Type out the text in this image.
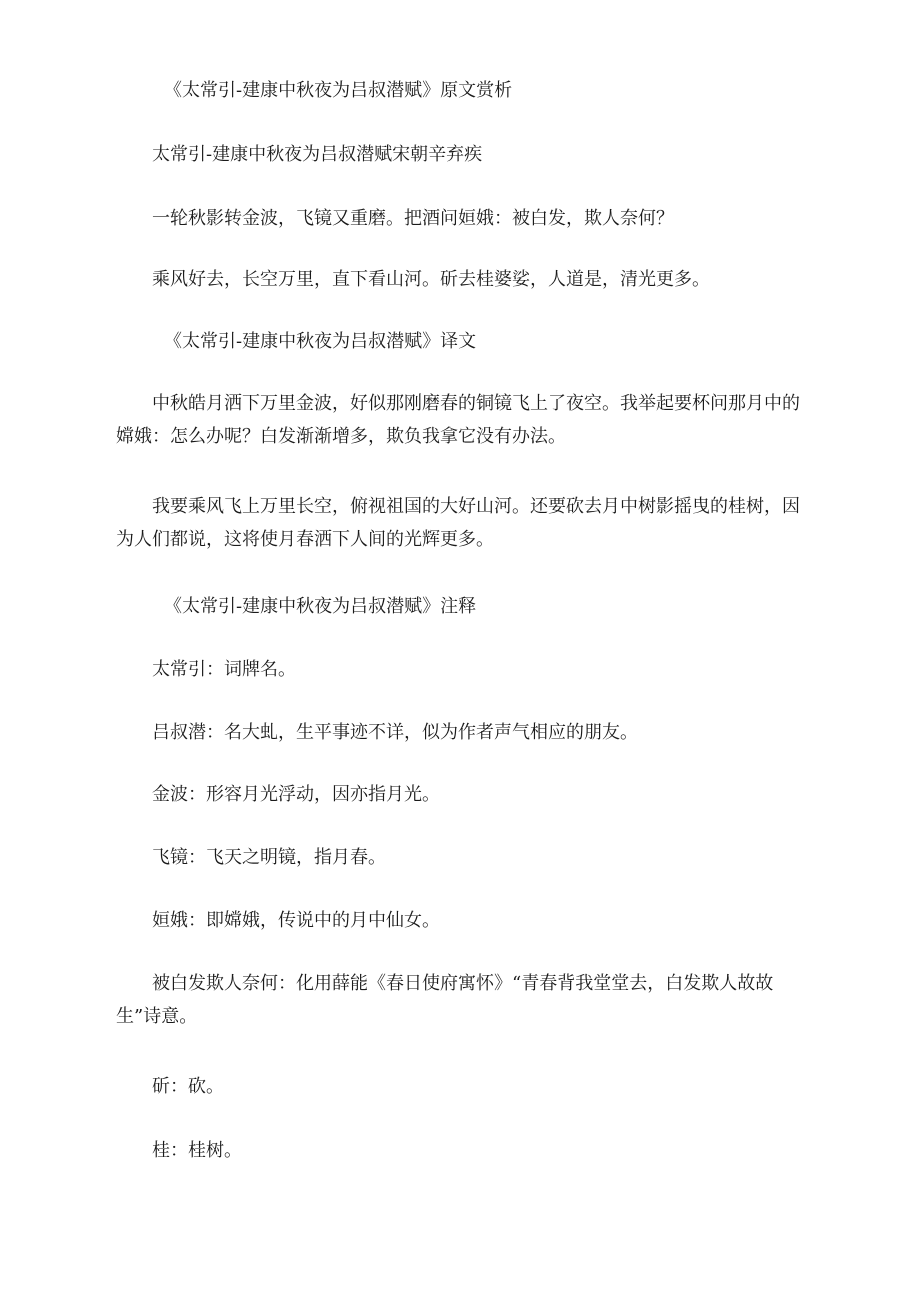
《太常引-建康中秋夜为吕叔潜赋》原文赏析

太常引-建康中秋夜为吕叔潜赋宋朝辛弃疾

一轮秋影转金波，飞镜又重磨。把酒问姮娥：被白发，欺人奈何？

乘风好去，长空万里，直下看山河。斫去桂婆娑，人道是，清光更多。

《太常引-建康中秋夜为吕叔潜赋》译文

中秋皓月洒下万里金波，好似那刚磨春的铜镜飞上了夜空。我举起要杯问那月中的嫦娥：怎么办呢？白发渐渐增多，欺负我拿它没有办法。

我要乘风飞上万里长空，俯视祖国的大好山河。还要砍去月中树影摇曳的桂树，因为人们都说，这将使月春洒下人间的光辉更多。

《太常引-建康中秋夜为吕叔潜赋》注释

太常引：词牌名。

吕叔潜：名大虬，生平事迹不详，似为作者声气相应的朋友。

金波：形容月光浮动，因亦指月光。

飞镜：飞天之明镜，指月春。

姮娥：即嫦娥，传说中的月中仙女。

被白发欺人奈何：化用薛能《春日使府寓怀》“青春背我堂堂去，白发欺人故故生”诗意。

斫：砍。

桂：桂树。
